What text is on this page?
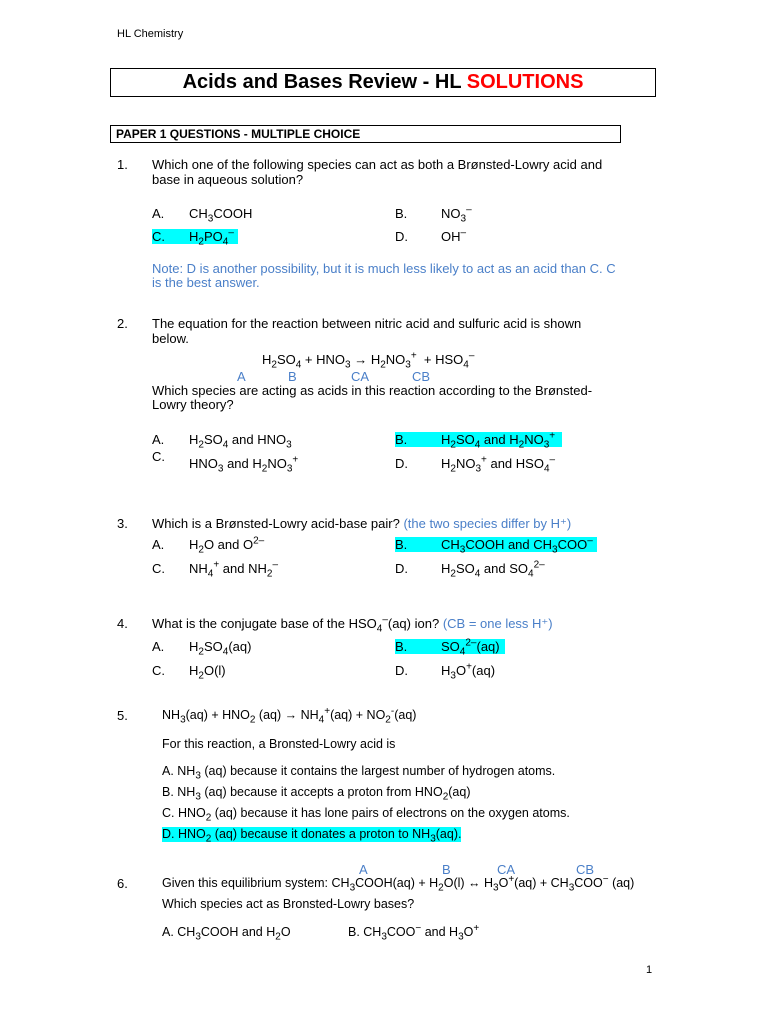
HL Chemistry
Acids and Bases Review - HL SOLUTIONS
PAPER 1 QUESTIONS - MULTIPLE CHOICE
1. Which one of the following species can act as both a Brønsted-Lowry acid and
base in aqueous solution?
A. $CH_3COOH$	B.	$NO_3^-$
C. $H_2PO_4^-$	D.	OH–
Note: D is another possibility, but it is much less likely to act as an acid than C. C
is the best answer.
2. The equation for the reaction between nitric acid and sulfuric acid is shown
below.
$H_2SO_4 + HNO_3 \to H_2NO_3^+ + HSO_4^-$
A	B	CA	CB
Which species are acting as acids in this reaction according to the Brønsted-
Lowry theory?
A. $H_2SO_4$ and $HNO_3$	B.	$H_2SO_4$ and $H_2NO_3^+$
C. $HNO_3$ and $H_2NO_3^+$	D.	$H_2NO_3^+$ and $HSO_4^-$
3. Which is a Brønsted-Lowry acid-base pair? (the two species differ by H⁺)
A. $H_2O$ and $O^{2-}$	B.	$CH_3COOH$ and $CH_3COO^-$
C. $NH_4^+$ and $NH_2^-$	D.	$H_2SO_4$ and $SO_4^{2-}$
4. What is the conjugate base of the $HSO_4^-(aq)$ ion? (CB = one less H⁺)
A. $H_2SO_4(aq)$	B.	$SO_4^{2-}(aq)$
C. $H_2O(l)$	D.	$H_3O^+(aq)$
5.	$NH_3(aq) + HNO_2$ $(aq) \to NH_4^+(aq) + NO_2^-(aq)$
For this reaction, a Bronsted-Lowry acid is
A. $NH_3$ (aq) because it contains the largest number of hydrogen atoms.
B. $NH_3$ (aq) because it accepts a proton from $HNO_2(aq)$
C. $HNO_2$ (aq) because it has lone pairs of electrons on the oxygen atoms.
D. $HNO_2$ (aq) because it donates a proton to $NH_3(aq)$.
A	B	CA	CB
6.	Given this equilibrium system: $CH_3COOH(aq) + H_2O(l)$ ↔ $H_3O^+(aq) + CH_3COO^-$ (aq)
Which species act as Bronsted-Lowry bases?
A. $CH_3COOH$ and $H_2O$	B. $CH_3COO^-$ and $H_3O^+$
1
